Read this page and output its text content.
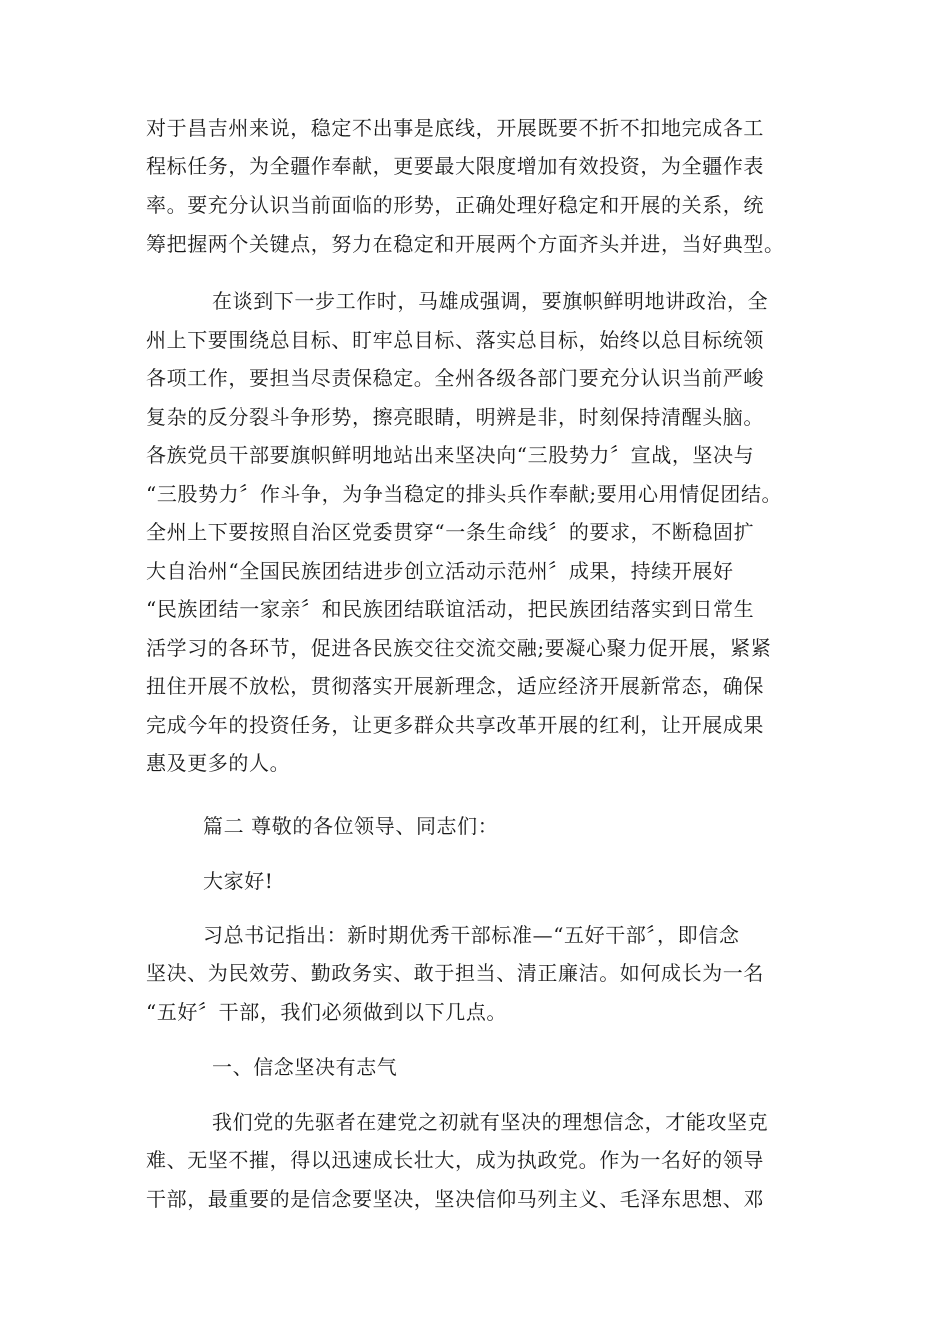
对于昌吉州来说，稳定不出事是底线，开展既要不折不扣地完成各工
程标任务，为全疆作奉献，更要最大限度增加有效投资，为全疆作表
率。要充分认识当前面临的形势，正确处理好稳定和开展的关系，统
筹把握两个关键点，努力在稳定和开展两个方面齐头并进，当好典型。
在谈到下一步工作时，马雄成强调，要旗帜鲜明地讲政治，全
州上下要围绕总目标、盯牢总目标、落实总目标，始终以总目标统领
各项工作，要担当尽责保稳定。全州各级各部门要充分认识当前严峻
复杂的反分裂斗争形势，擦亮眼睛，明辨是非，时刻保持清醒头脑。
各族党员干部要旗帜鲜明地站出来坚决向“三股势力〞宣战，坚决与
“三股势力〞作斗争，为争当稳定的排头兵作奉献;要用心用情促团结。
全州上下要按照自治区党委贯穿“一条生命线〞的要求，不断稳固扩
大自治州“全国民族团结进步创立活动示范州〞成果，持续开展好
“民族团结一家亲〞和民族团结联谊活动，把民族团结落实到日常生
活学习的各环节，促进各民族交往交流交融;要凝心聚力促开展，紧紧
扭住开展不放松，贯彻落实开展新理念，适应经济开展新常态，确保
完成今年的投资任务，让更多群众共享改革开展的红利，让开展成果
惠及更多的人。
篇二 尊敬的各位领导、同志们：
大家好!
习总书记指出：新时期优秀干部标准—“五好干部〞，即信念
坚决、为民效劳、勤政务实、敢于担当、清正廉洁。如何成长为一名
“五好〞干部，我们必须做到以下几点。
一、信念坚决有志气
我们党的先驱者在建党之初就有坚决的理想信念，才能攻坚克
难、无坚不摧，得以迅速成长壮大，成为执政党。作为一名好的领导
干部，最重要的是信念要坚决，坚决信仰马列主义、毛泽东思想、邓
